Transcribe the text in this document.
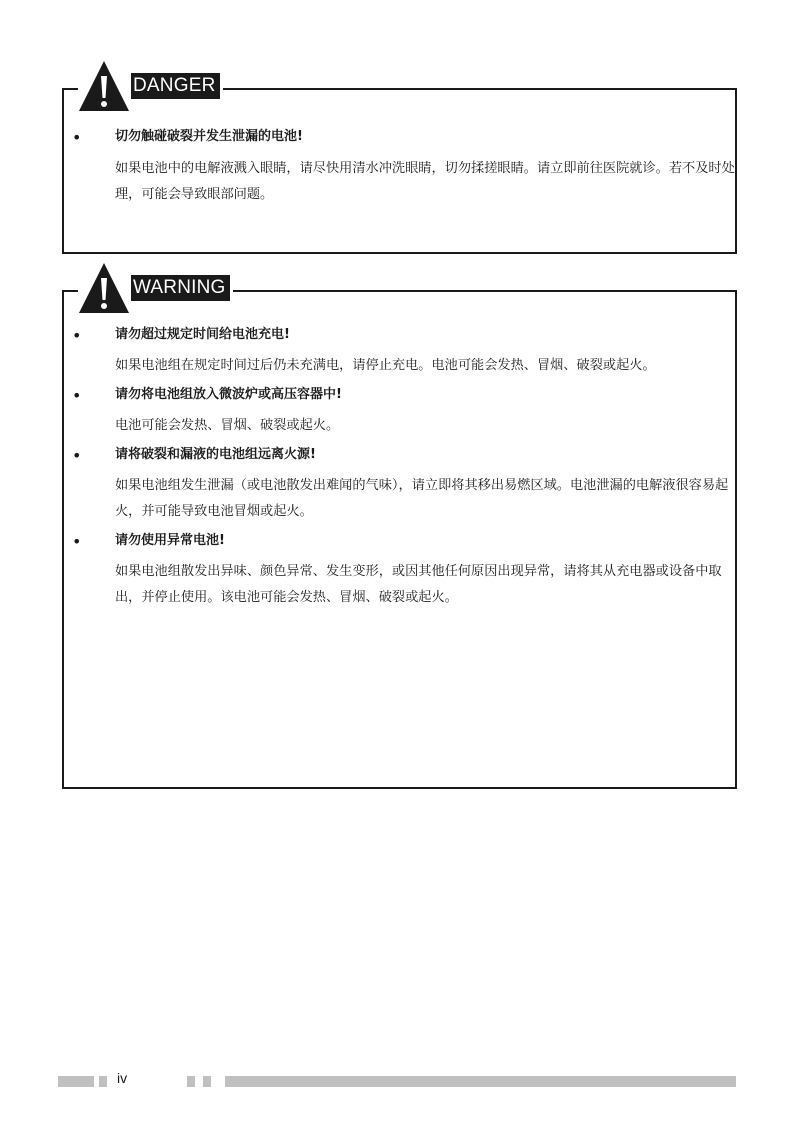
DANGER
•	切勿触碰破裂并发生泄漏的电池!
如果电池中的电解液溅入眼睛，请尽快用清水冲洗眼睛，切勿揉搓眼睛。请立即前往医院就诊。若不及时处理，可能会导致眼部问题。
WARNING
•	请勿超过规定时间给电池充电!
如果电池组在规定时间过后仍未充满电，请停止充电。电池可能会发热、冒烟、破裂或起火。
•	请勿将电池组放入微波炉或高压容器中!
电池可能会发热、冒烟、破裂或起火。
•	请将破裂和漏液的电池组远离火源!
如果电池组发生泄漏（或电池散发出难闻的气味），请立即将其移出易燃区域。电池泄漏的电解液很容易起火，并可能导致电池冒烟或起火。
•	请勿使用异常电池!
如果电池组散发出异味、颜色异常、发生变形，或因其他任何原因出现异常，请将其从充电器或设备中取出，并停止使用。该电池可能会发热、冒烟、破裂或起火。
iv
